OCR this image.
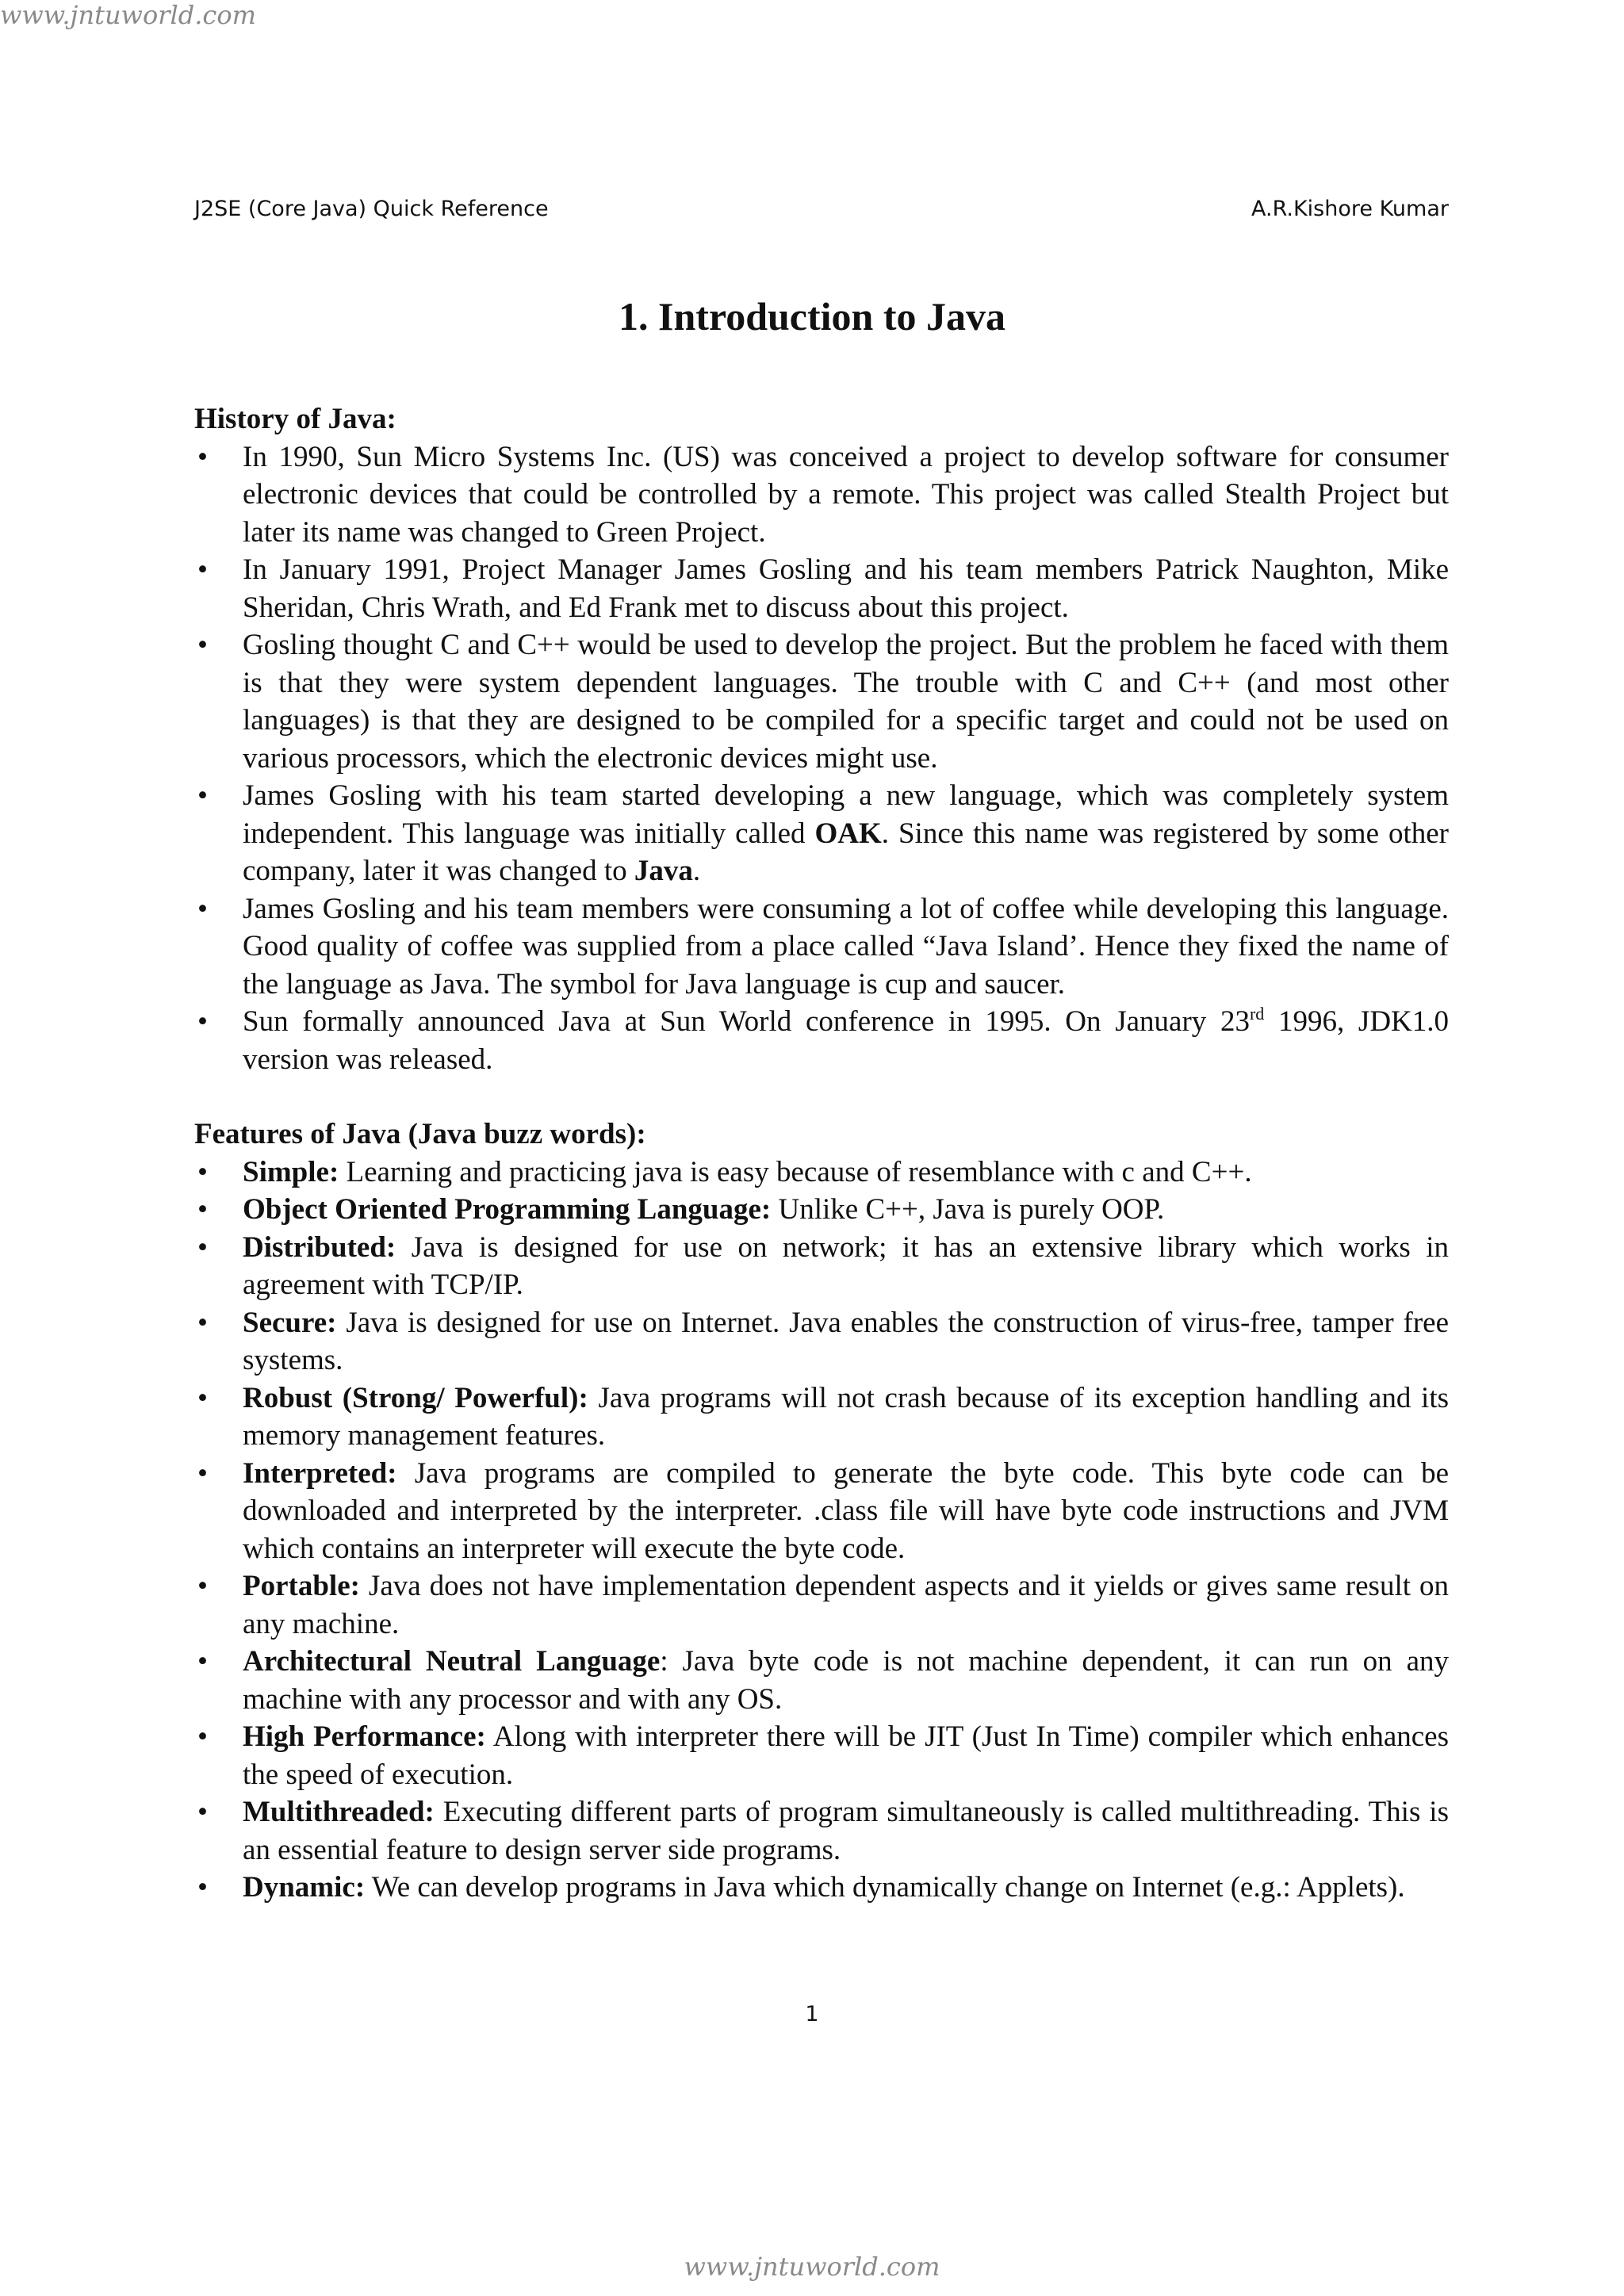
www.jntuworld.com

J2SE (Core Java) Quick Reference	A.R.Kishore Kumar
1. Introduction to Java
History of Java:
• In 1990, Sun Micro Systems Inc. (US) was conceived a project to develop software for consumer electronic devices that could be controlled by a remote. This project was called Stealth Project but later its name was changed to Green Project.
• In January 1991, Project Manager James Gosling and his team members Patrick Naughton, Mike Sheridan, Chris Wrath, and Ed Frank met to discuss about this project.
• Gosling thought C and C++ would be used to develop the project. But the problem he faced with them is that they were system dependent languages. The trouble with C and C++ (and most other languages) is that they are designed to be compiled for a specific target and could not be used on various processors, which the electronic devices might use.
• James Gosling with his team started developing a new language, which was completely system independent. This language was initially called OAK. Since this name was registered by some other company, later it was changed to Java.
• James Gosling and his team members were consuming a lot of coffee while developing this language. Good quality of coffee was supplied from a place called “Java Island’. Hence they fixed the name of the language as Java. The symbol for Java language is cup and saucer.
• Sun formally announced Java at Sun World conference in 1995. On January 23rd 1996, JDK1.0 version was released.
Features of Java (Java buzz words):
• Simple: Learning and practicing java is easy because of resemblance with c and C++.
• Object Oriented Programming Language: Unlike C++, Java is purely OOP.
• Distributed: Java is designed for use on network; it has an extensive library which works in agreement with TCP/IP.
• Secure: Java is designed for use on Internet. Java enables the construction of virus-free, tamper free systems.
• Robust (Strong/ Powerful): Java programs will not crash because of its exception handling and its memory management features.
• Interpreted: Java programs are compiled to generate the byte code. This byte code can be downloaded and interpreted by the interpreter. .class file will have byte code instructions and JVM which contains an interpreter will execute the byte code.
• Portable: Java does not have implementation dependent aspects and it yields or gives same result on any machine.
• Architectural Neutral Language: Java byte code is not machine dependent, it can run on any machine with any processor and with any OS.
• High Performance: Along with interpreter there will be JIT (Just In Time) compiler which enhances the speed of execution.
• Multithreaded: Executing different parts of program simultaneously is called multithreading. This is an essential feature to design server side programs.
• Dynamic: We can develop programs in Java which dynamically change on Internet (e.g.: Applets).
1

www.jntuworld.com
